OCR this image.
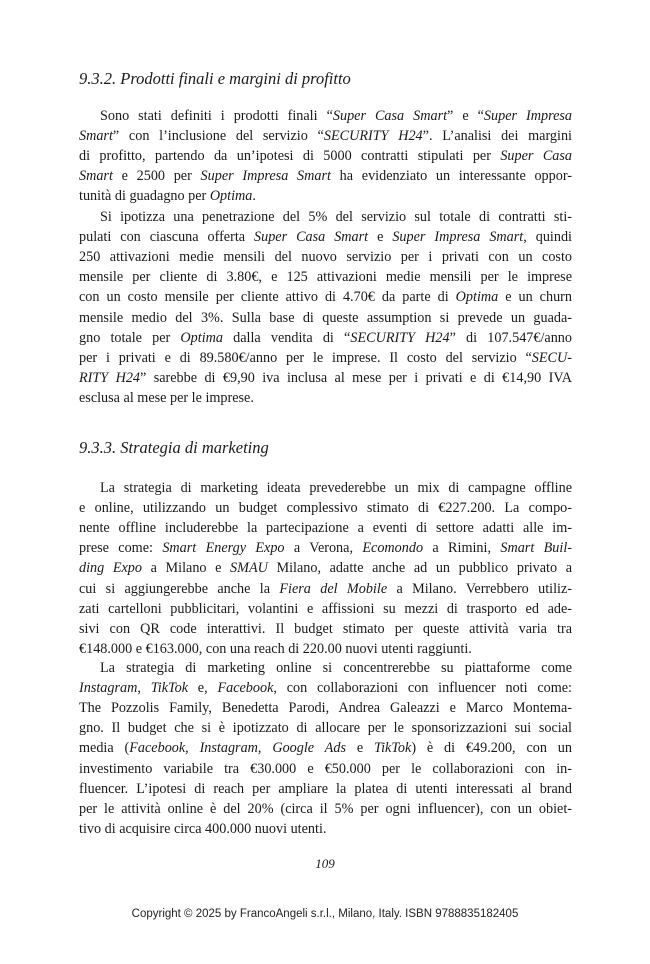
9.3.2. Prodotti finali e margini di profitto
Sono stati definiti i prodotti finali “Super Casa Smart” e “Super Impresa
Smart” con l’inclusione del servizio “SECURITY H24”. L’analisi dei margini
di profitto, partendo da un’ipotesi di 5000 contratti stipulati per Super Casa
Smart e 2500 per Super Impresa Smart ha evidenziato un interessante oppor-
tunità di guadagno per Optima.
Si ipotizza una penetrazione del 5% del servizio sul totale di contratti sti-
pulati con ciascuna offerta Super Casa Smart e Super Impresa Smart, quindi
250 attivazioni medie mensili del nuovo servizio per i privati con un costo
mensile per cliente di 3.80€, e 125 attivazioni medie mensili per le imprese
con un costo mensile per cliente attivo di 4.70€ da parte di Optima e un churn
mensile medio del 3%. Sulla base di queste assumption si prevede un guada-
gno totale per Optima dalla vendita di “SECURITY H24” di 107.547€/anno
per i privati e di 89.580€/anno per le imprese. Il costo del servizio “SECU-
RITY H24” sarebbe di €9,90 iva inclusa al mese per i privati e di €14,90 IVA
esclusa al mese per le imprese.
9.3.3. Strategia di marketing
La strategia di marketing ideata prevederebbe un mix di campagne offline
e online, utilizzando un budget complessivo stimato di €227.200. La compo-
nente offline includerebbe la partecipazione a eventi di settore adatti alle im-
prese come: Smart Energy Expo a Verona, Ecomondo a Rimini, Smart Buil-
ding Expo a Milano e SMAU Milano, adatte anche ad un pubblico privato a
cui si aggiungerebbe anche la Fiera del Mobile a Milano. Verrebbero utiliz-
zati cartelloni pubblicitari, volantini e affissioni su mezzi di trasporto ed ade-
sivi con QR code interattivi. Il budget stimato per queste attività varia tra
€148.000 e €163.000, con una reach di 220.00 nuovi utenti raggiunti.
La strategia di marketing online si concentrerebbe su piattaforme come
Instagram, TikTok e, Facebook, con collaborazioni con influencer noti come:
The Pozzolis Family, Benedetta Parodi, Andrea Galeazzi e Marco Montema-
gno. Il budget che si è ipotizzato di allocare per le sponsorizzazioni sui social
media (Facebook, Instagram, Google Ads e TikTok) è di €49.200, con un
investimento variabile tra €30.000 e €50.000 per le collaborazioni con in-
fluencer. L’ipotesi di reach per ampliare la platea di utenti interessati al brand
per le attività online è del 20% (circa il 5% per ogni influencer), con un obiet-
tivo di acquisire circa 400.000 nuovi utenti.
109
Copyright © 2025 by FrancoAngeli s.r.l., Milano, Italy. ISBN 9788835182405
